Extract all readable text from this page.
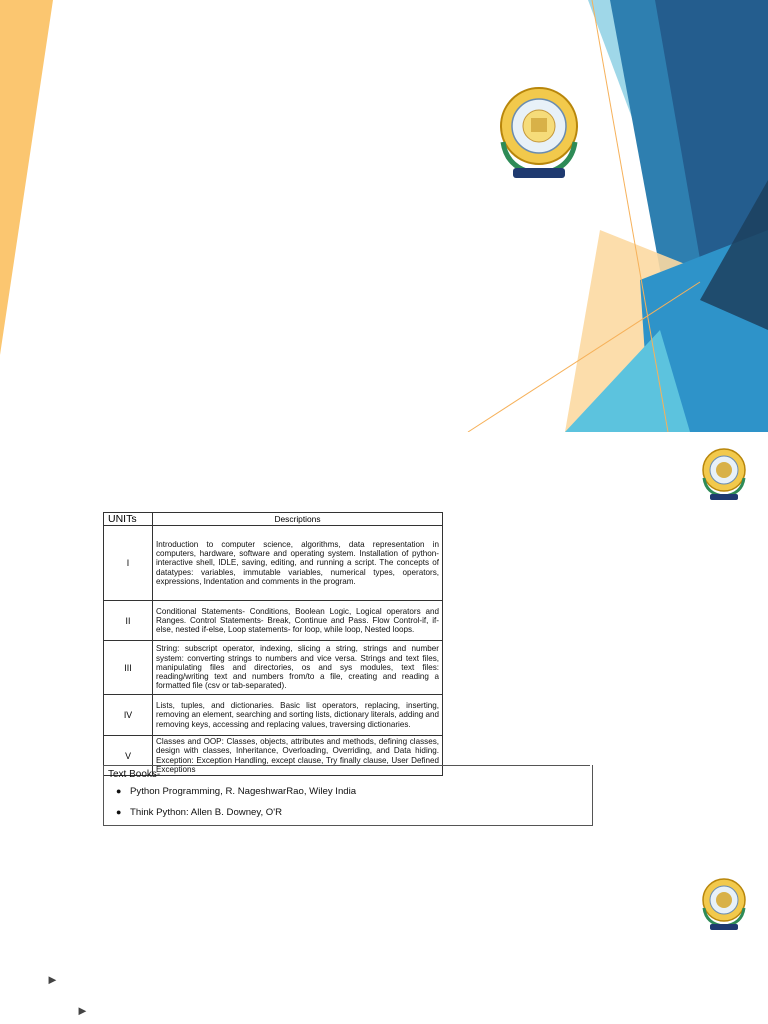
UNITs	Descriptions
I	Introduction to computer science, algorithms, data representation in computers, hardware, software and operating system. Installation of python- interactive shell, IDLE, saving, editing, and running a script. The concepts of datatypes: variables, immutable variables, numerical types, operators, expressions, Indentation and comments in the program.
II	Conditional Statements- Conditions, Boolean Logic, Logical operators and Ranges. Control Statements- Break, Continue and Pass. Flow Control-if, if-else, nested if-else, Loop statements- for loop, while loop, Nested loops.
III	String: subscript operator, indexing, slicing a string, strings and number system: converting strings to numbers and vice versa. Strings and text files, manipulating files and directories, os and sys modules, text files: reading/writing text and numbers from/to a file, creating and reading a formatted file (csv or tab-separated).
IV	Lists, tuples, and dictionaries. Basic list operators, replacing, inserting, removing an element, searching and sorting lists, dictionary literals, adding and removing keys, accessing and replacing values, traversing dictionaries.
V	Classes and OOP: Classes, objects, attributes and methods, defining classes, design with classes, Inheritance, Overloading, Overriding, and Data hiding. Exception: Exception Handling, except clause, Try finally clause, User Defined Exceptions
Text Books-
● Python Programming, R. NageshwarRao, Wiley India
● Think Python: Allen B. Downey, O'R
►
►
